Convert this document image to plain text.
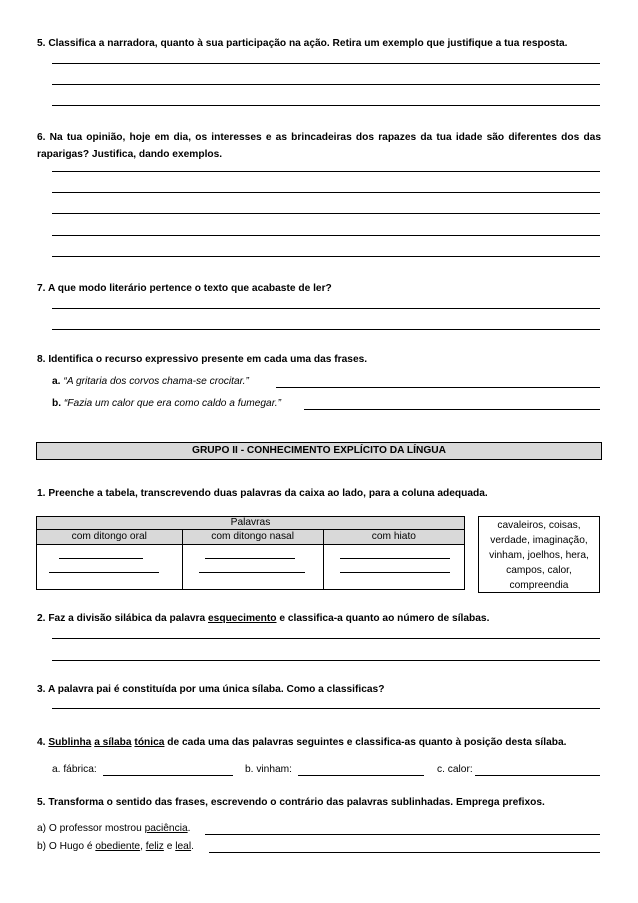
5. Classifica a narradora, quanto à sua participação na ação. Retira um exemplo que justifique a tua resposta.
6. Na tua opinião, hoje em dia, os interesses e as brincadeiras dos rapazes da tua idade são diferentes dos das raparigas? Justifica, dando exemplos.
7. A que modo literário pertence o texto que acabaste de ler?
8. Identifica o recurso expressivo presente em cada uma das frases.
a. “A gritaria dos corvos chama-se crocitar.”
b. “Fazia um calor que era como caldo a fumegar.”
GRUPO II - CONHECIMENTO EXPLÍCITO DA LÍNGUA
1. Preenche a tabela, transcrevendo duas palavras da caixa ao lado, para a coluna adequada.
Palavras		
com ditongo oral	com ditongo nasal	com hiato

cavaleiros, coisas,
verdade, imaginação,
vinham, joelhos, hera,
campos, calor,
compreendia
2. Faz a divisão silábica da palavra esquecimento e classifica-a quanto ao número de sílabas.
3. A palavra pai é constituída por uma única sílaba. Como a classificas?
4. Sublinha a sílaba tónica de cada uma das palavras seguintes e classifica-as quanto à posição desta sílaba.
a. fábrica:	b. vinham:	c. calor:
5. Transforma o sentido das frases, escrevendo o contrário das palavras sublinhadas. Emprega prefixos.
a) O professor mostrou paciência.
b) O Hugo é obediente, feliz e leal.
